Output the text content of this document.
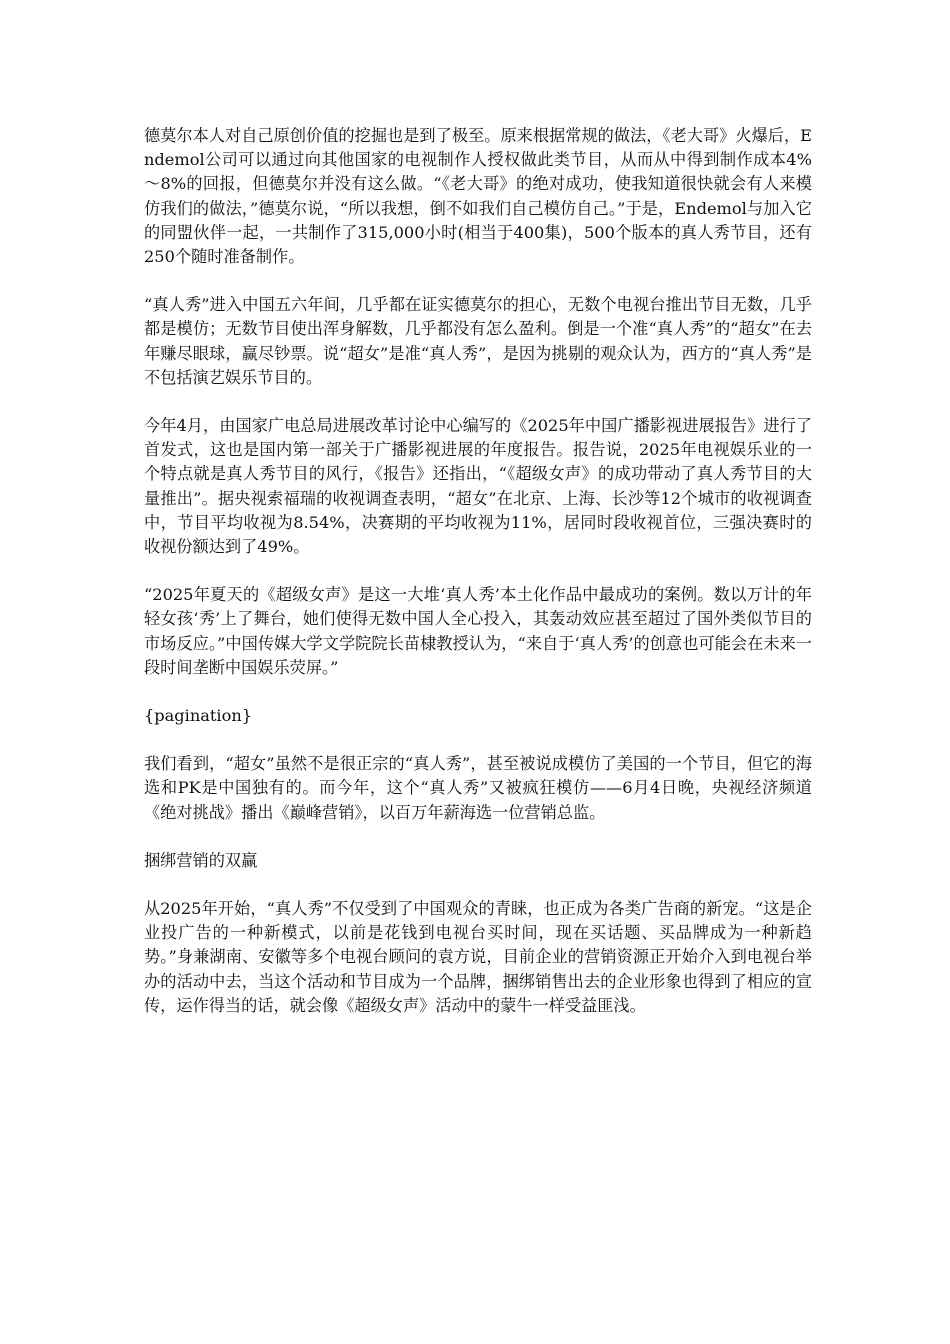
德莫尔本人对自己原创价值的挖掘也是到了极至。原来根据常规的做法，《老大哥》火爆后，Endemol公司可以通过向其他国家的电视制作人授权做此类节目，从而从中得到制作成本4%～8%的回报，但德莫尔并没有这么做。“《老大哥》的绝对成功，使我知道很快就会有人来模仿我们的做法，”德莫尔说，“所以我想，倒不如我们自己模仿自己。”于是，Endemol与加入它的同盟伙伴一起，一共制作了315,000小时(相当于400集)，500个版本的真人秀节目，还有250个随时准备制作。

“真人秀”进入中国五六年间，几乎都在证实德莫尔的担心，无数个电视台推出节目无数，几乎都是模仿；无数节目使出浑身解数，几乎都没有怎么盈利。倒是一个准“真人秀”的“超女”在去年赚尽眼球，赢尽钞票。说“超女”是准“真人秀”，是因为挑剔的观众认为，西方的“真人秀”是不包括演艺娱乐节目的。

今年4月，由国家广电总局进展改革讨论中心编写的《2025年中国广播影视进展报告》进行了首发式，这也是国内第一部关于广播影视进展的年度报告。报告说，2025年电视娱乐业的一个特点就是真人秀节目的风行，《报告》还指出，“《超级女声》的成功带动了真人秀节目的大量推出”。据央视索福瑞的收视调查表明，“超女”在北京、上海、长沙等12个城市的收视调查中，节目平均收视为8.54%，决赛期的平均收视为11%，居同时段收视首位，三强决赛时的收视份额达到了49%。

“2025年夏天的《超级女声》是这一大堆‘真人秀’本土化作品中最成功的案例。数以万计的年轻女孩‘秀’上了舞台，她们使得无数中国人全心投入，其轰动效应甚至超过了国外类似节目的市场反应。”中国传媒大学文学院院长苗棣教授认为，“来自于‘真人秀’的创意也可能会在未来一段时间垄断中国娱乐荧屏。”

{pagination}

我们看到，“超女”虽然不是很正宗的“真人秀”，甚至被说成模仿了美国的一个节目，但它的海选和PK是中国独有的。而今年，这个“真人秀”又被疯狂模仿——6月4日晚，央视经济频道《绝对挑战》播出《巅峰营销》，以百万年薪海选一位营销总监。

捆绑营销的双赢

从2025年开始，“真人秀”不仅受到了中国观众的青睐，也正成为各类广告商的新宠。“这是企业投广告的一种新模式，以前是花钱到电视台买时间，现在买话题、买品牌成为一种新趋势。”身兼湖南、安徽等多个电视台顾问的袁方说，目前企业的营销资源正开始介入到电视台举办的活动中去，当这个活动和节目成为一个品牌，捆绑销售出去的企业形象也得到了相应的宣传，运作得当的话，就会像《超级女声》活动中的蒙牛一样受益匪浅。
